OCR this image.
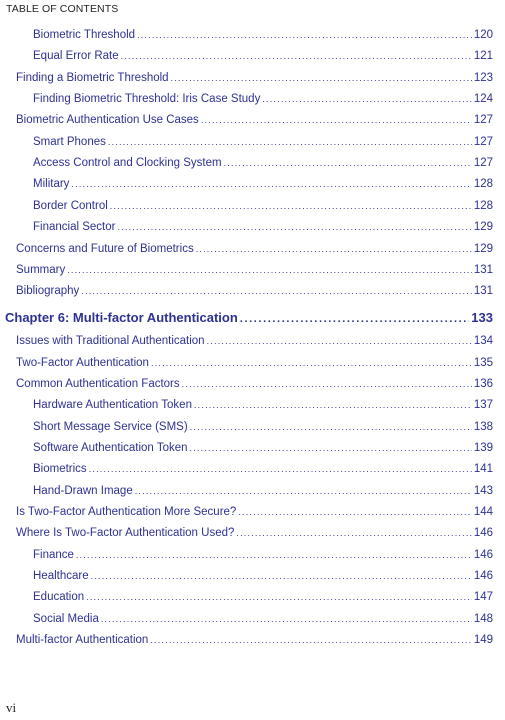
TABLE OF CONTENTS
Biometric Threshold .....	120
Equal Error Rate .....	121
Finding a Biometric Threshold .....	123
Finding Biometric Threshold: Iris Case Study .....	124
Biometric Authentication Use Cases .....	127
Smart Phones .....	127
Access Control and Clocking System .....	127
Military .....	128
Border Control .....	128
Financial Sector .....	129
Concerns and Future of Biometrics .....	129
Summary .....	131
Bibliography .....	131
Chapter 6: Multi-factor Authentication .....	133
Issues with Traditional Authentication .....	134
Two-Factor Authentication .....	135
Common Authentication Factors .....	136
Hardware Authentication Token .....	137
Short Message Service (SMS) .....	138
Software Authentication Token .....	139
Biometrics .....	141
Hand-Drawn Image .....	143
Is Two-Factor Authentication More Secure? .....	144
Where Is Two-Factor Authentication Used? .....	146
Finance .....	146
Healthcare .....	146
Education .....	147
Social Media .....	148
Multi-factor Authentication .....	149
vi
